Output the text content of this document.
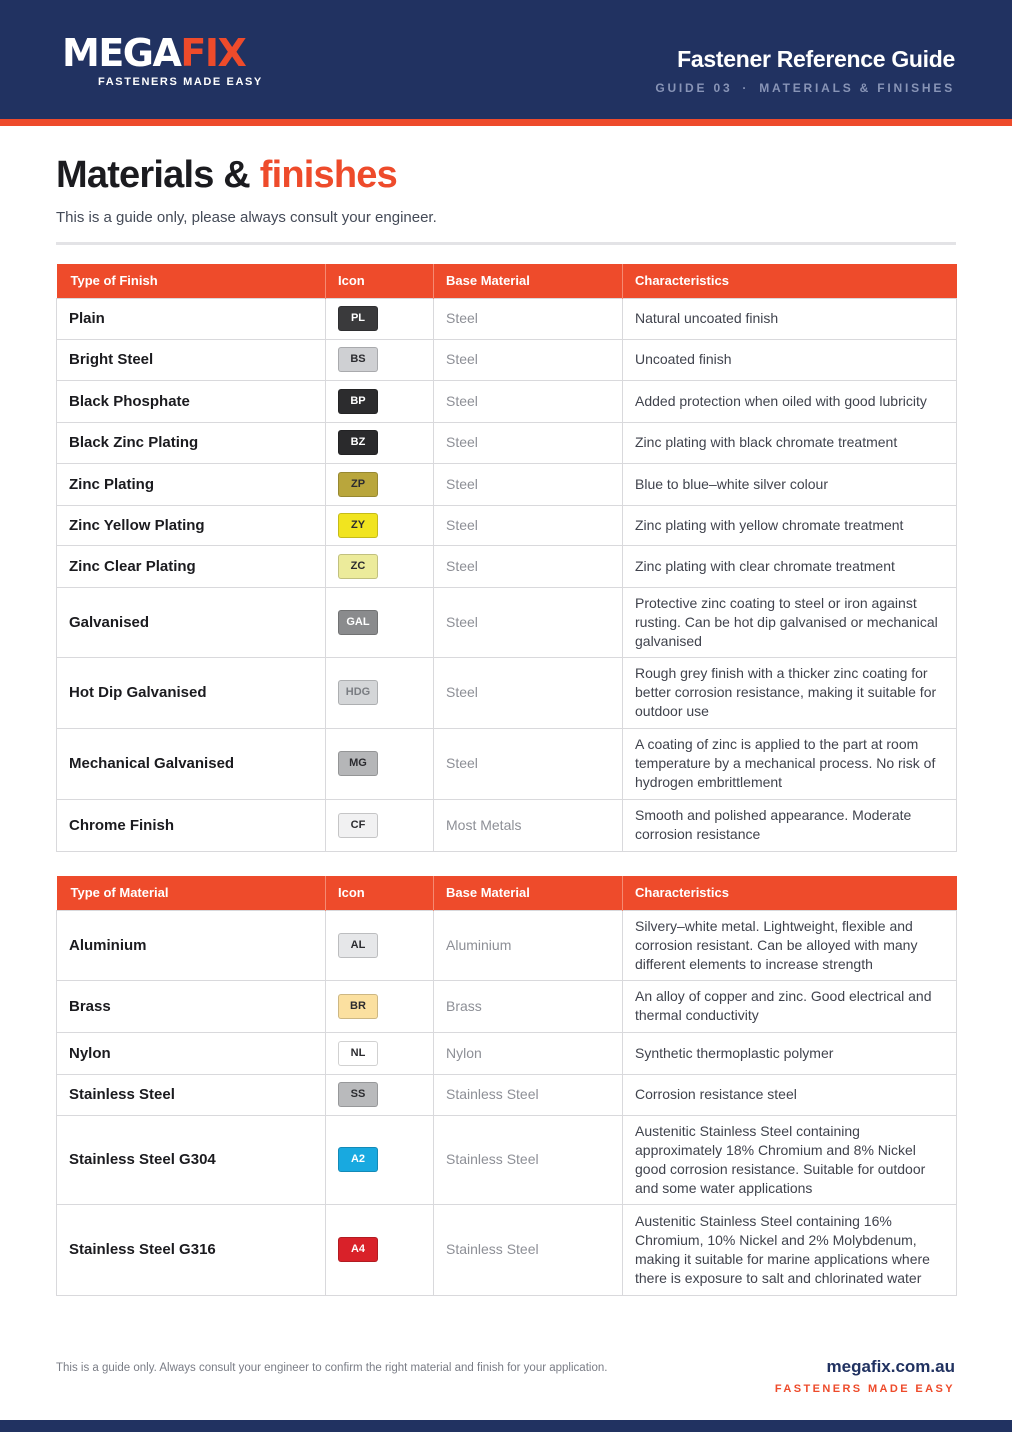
MEGAFIX
FASTENERS MADE EASY
Fastener Reference Guide
GUIDE 03 · MATERIALS & FINISHES
Materials & finishes

This is a guide only, please always consult your engineer.

Type of Finish	Icon	Base Material	Characteristics
Plain	PL	Steel	Natural uncoated finish
Bright Steel	BS	Steel	Uncoated finish
Black Phosphate	BP	Steel	Added protection when oiled with good lubricity
Black Zinc Plating	BZ	Steel	Zinc plating with black chromate treatment
Zinc Plating	ZP	Steel	Blue to blue–white silver colour
Zinc Yellow Plating	ZY	Steel	Zinc plating with yellow chromate treatment
Zinc Clear Plating	ZC	Steel	Zinc plating with clear chromate treatment
Galvanised	GAL	Steel	Protective zinc coating to steel or iron against rusting. Can be hot dip galvanised or mechanical galvanised
Hot Dip Galvanised	HDG	Steel	Rough grey finish with a thicker zinc coating for better corrosion resistance, making it suitable for outdoor use
Mechanical Galvanised	MG	Steel	A coating of zinc is applied to the part at room temperature by a mechanical process. No risk of hydrogen embrittlement
Chrome Finish	CF	Most Metals	Smooth and polished appearance. Moderate corrosion resistance
Type of Material	Icon	Base Material	Characteristics
Aluminium	AL	Aluminium	Silvery–white metal. Lightweight, flexible and corrosion resistant. Can be alloyed with many different elements to increase strength
Brass	BR	Brass	An alloy of copper and zinc. Good electrical and thermal conductivity
Nylon	NL	Nylon	Synthetic thermoplastic polymer
Stainless Steel	SS	Stainless Steel	Corrosion resistance steel
Stainless Steel G304	A2	Stainless Steel	Austenitic Stainless Steel containing approximately 18% Chromium and 8% Nickel good corrosion resistance. Suitable for outdoor and some water applications
Stainless Steel G316	A4	Stainless Steel	Austenitic Stainless Steel containing 16% Chromium, 10% Nickel and 2% Molybdenum, making it suitable for marine applications where there is exposure to salt and chlorinated water
This is a guide only. Always consult your engineer to confirm the right material and finish for your application.	megafix.com.au
FASTENERS MADE EASY
